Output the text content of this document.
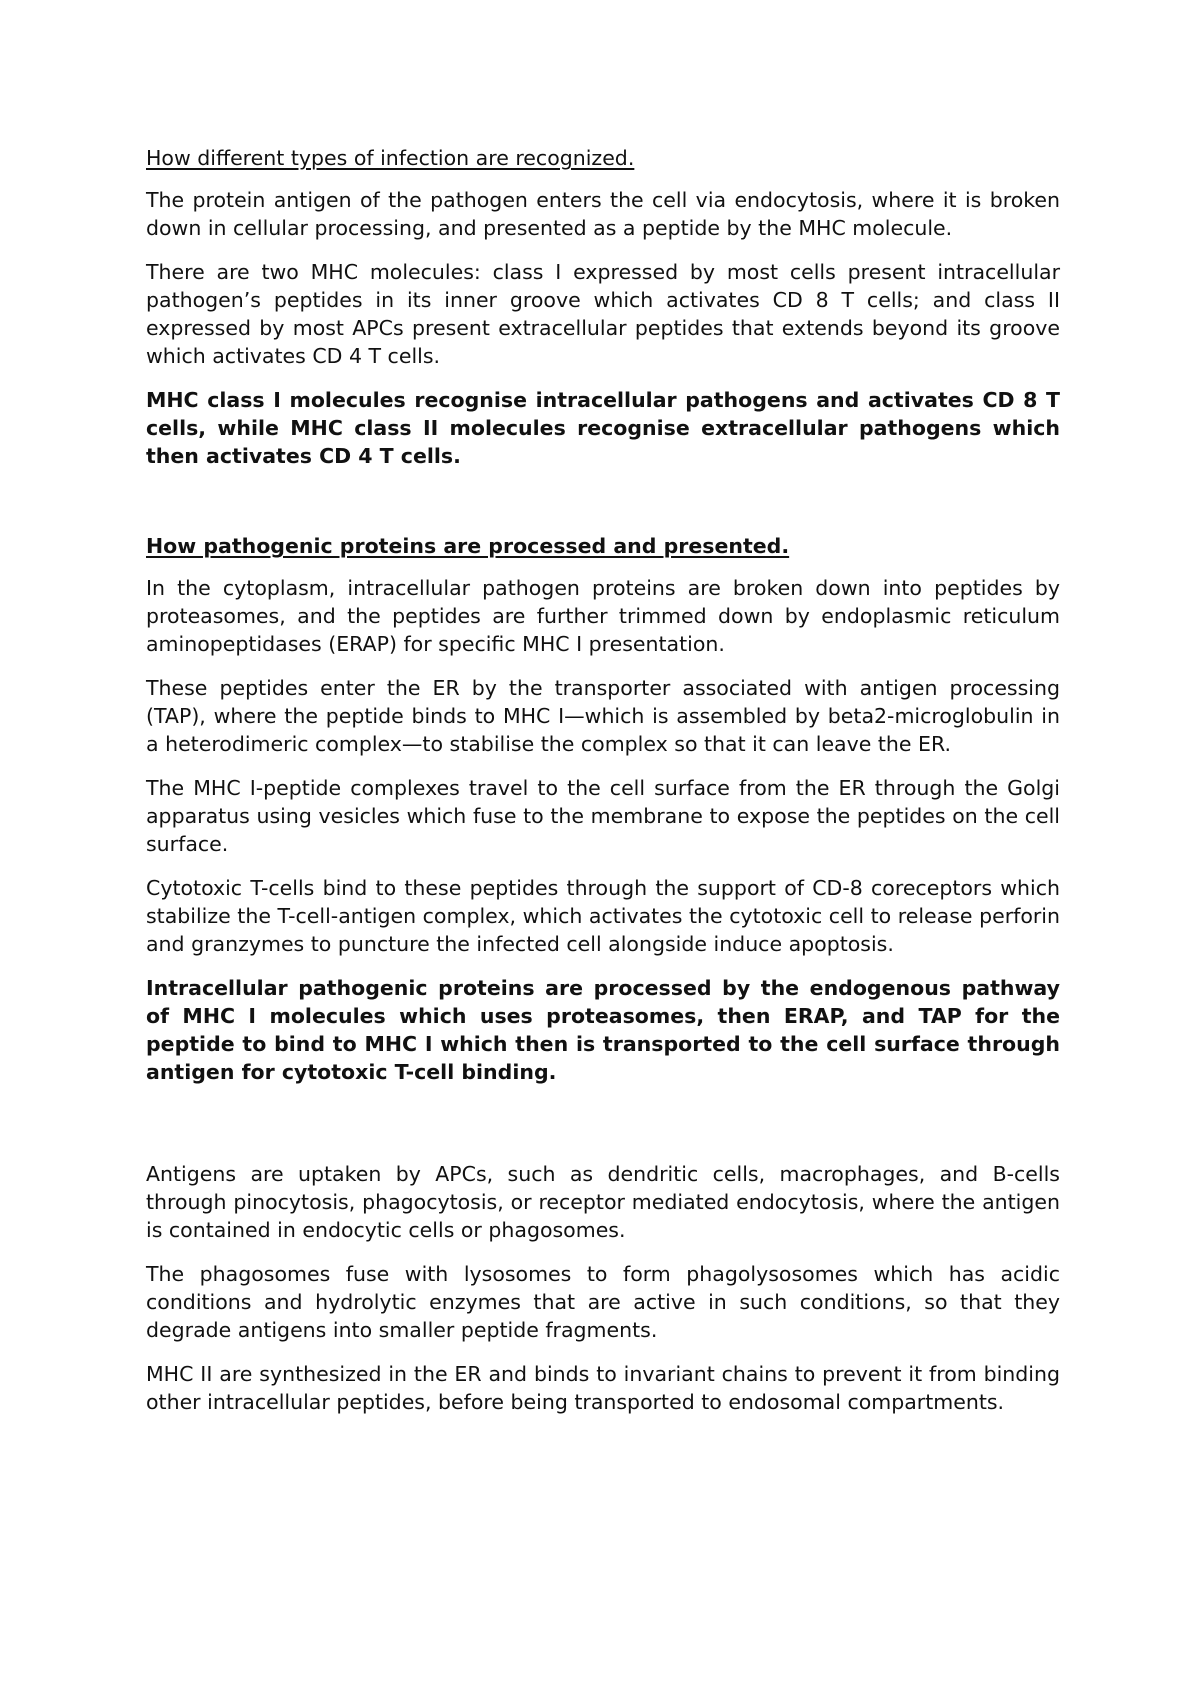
How different types of infection are recognized.

The protein antigen of the pathogen enters the cell via endocytosis, where it is broken down in cellular processing, and presented as a peptide by the MHC molecule.

There are two MHC molecules: class I expressed by most cells present intracellular pathogen’s peptides in its inner groove which activates CD 8 T cells; and class II expressed by most APCs present extracellular peptides that extends beyond its groove which activates CD 4 T cells.

MHC class I molecules recognise intracellular pathogens and activates CD 8 T cells, while MHC class II molecules recognise extracellular pathogens which then activates CD 4 T cells.

How pathogenic proteins are processed and presented.

In the cytoplasm, intracellular pathogen proteins are broken down into peptides by proteasomes, and the peptides are further trimmed down by endoplasmic reticulum aminopeptidases (ERAP) for specific MHC I presentation.

These peptides enter the ER by the transporter associated with antigen processing (TAP), where the peptide binds to MHC I—which is assembled by beta2-microglobulin in a heterodimeric complex—to stabilise the complex so that it can leave the ER.

The MHC I-peptide complexes travel to the cell surface from the ER through the Golgi apparatus using vesicles which fuse to the membrane to expose the peptides on the cell surface.

Cytotoxic T-cells bind to these peptides through the support of CD-8 coreceptors which stabilize the T-cell-antigen complex, which activates the cytotoxic cell to release perforin and granzymes to puncture the infected cell alongside induce apoptosis.

Intracellular pathogenic proteins are processed by the endogenous pathway of MHC I molecules which uses proteasomes, then ERAP, and TAP for the peptide to bind to MHC I which then is transported to the cell surface through antigen for cytotoxic T-cell binding.

Antigens are uptaken by APCs, such as dendritic cells, macrophages, and B-cells through pinocytosis, phagocytosis, or receptor mediated endocytosis, where the antigen is contained in endocytic cells or phagosomes.

The phagosomes fuse with lysosomes to form phagolysosomes which has acidic conditions and hydrolytic enzymes that are active in such conditions, so that they degrade antigens into smaller peptide fragments.

MHC II are synthesized in the ER and binds to invariant chains to prevent it from binding other intracellular peptides, before being transported to endosomal compartments.
